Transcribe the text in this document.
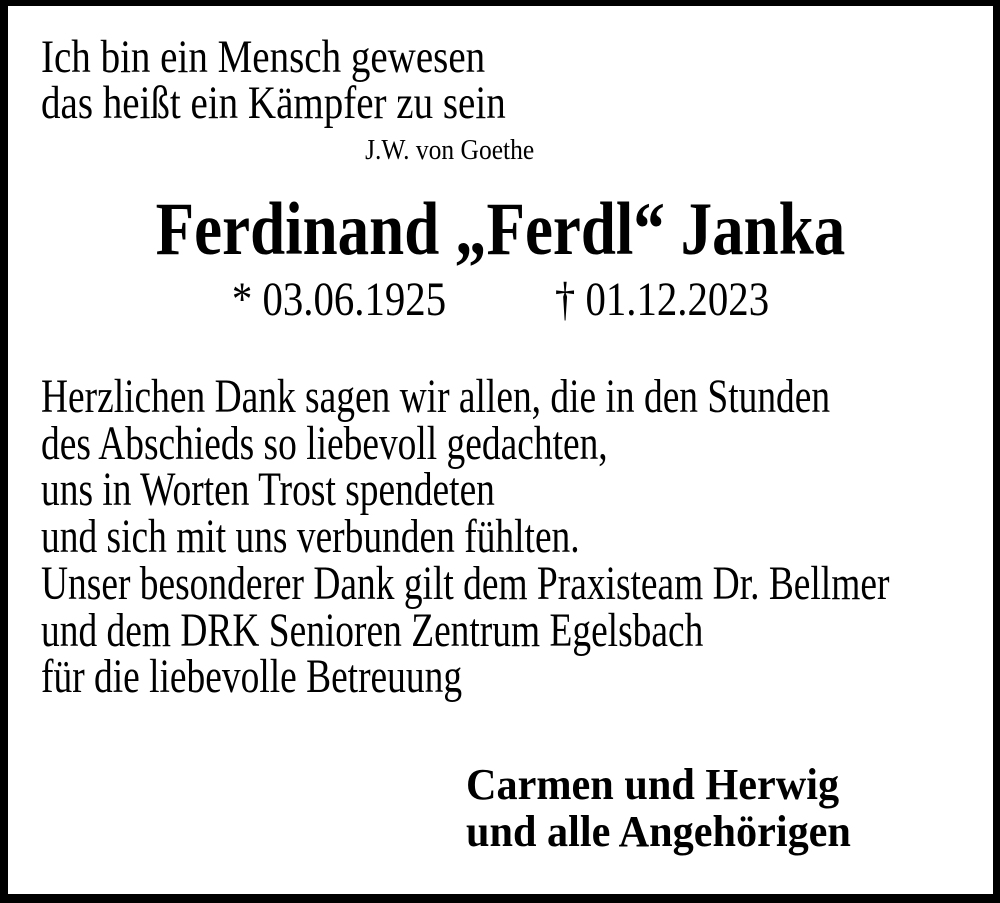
Ich bin ein Mensch gewesen
das heißt ein Kämpfer zu sein
J.W. von Goethe
Ferdinand „Ferdl“ Janka
* 03.06.1925 † 01.12.2023
Herzlichen Dank sagen wir allen, die in den Stunden
des Abschieds so liebevoll gedachten,
uns in Worten Trost spendeten
und sich mit uns verbunden fühlten.
Unser besonderer Dank gilt dem Praxisteam Dr. Bellmer
und dem DRK Senioren Zentrum Egelsbach
für die liebevolle Betreuung
Carmen und Herwig
und alle Angehörigen
